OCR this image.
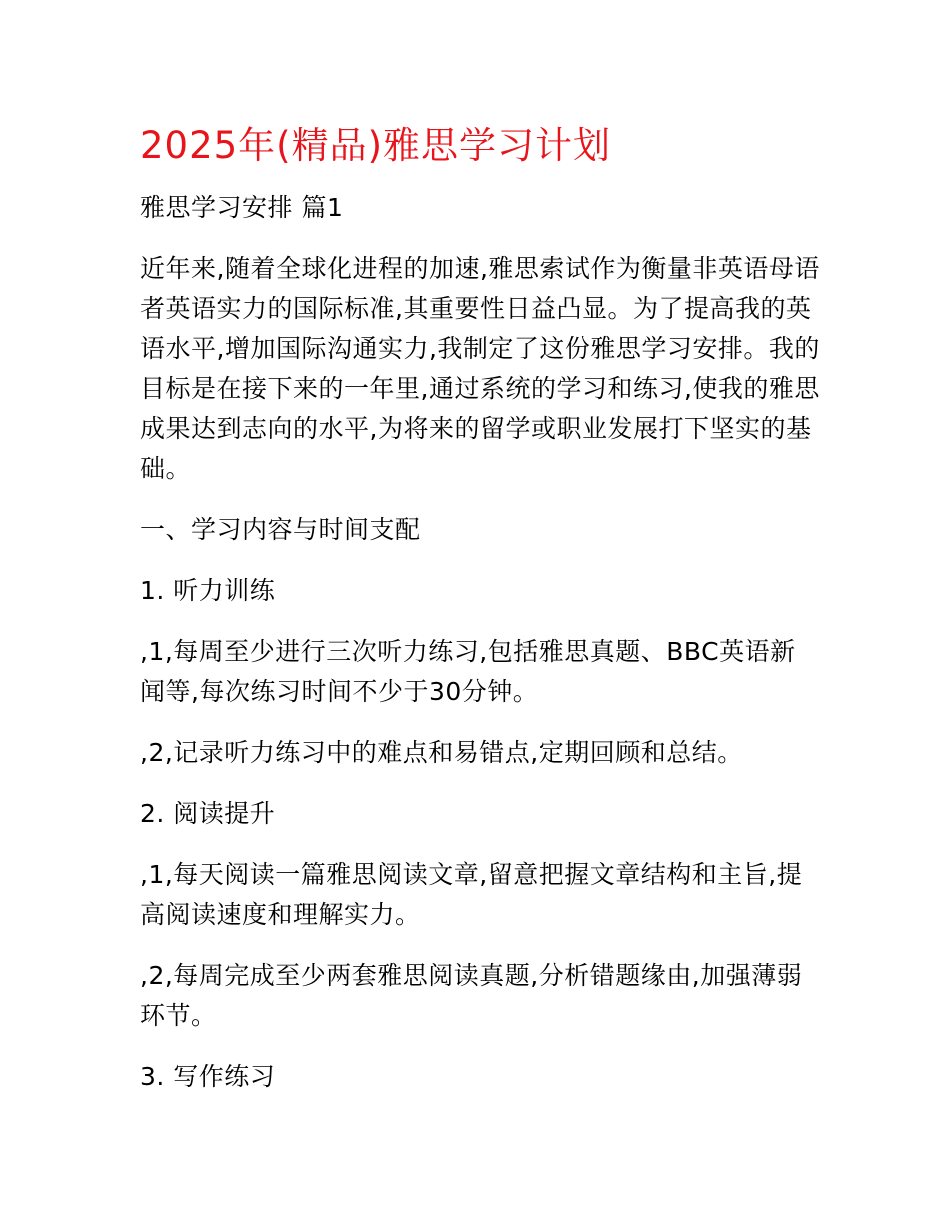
2025年(精品)雅思学习计划

雅思学习安排 篇1

近年来,随着全球化进程的加速,雅思索试作为衡量非英语母语者英语实力的国际标准,其重要性日益凸显。为了提高我的英语水平,增加国际沟通实力,我制定了这份雅思学习安排。我的目标是在接下来的一年里,通过系统的学习和练习,使我的雅思成果达到志向的水平,为将来的留学或职业发展打下坚实的基础。

一、学习内容与时间支配

1. 听力训练

,1,每周至少进行三次听力练习,包括雅思真题、BBC英语新闻等,每次练习时间不少于30分钟。

,2,记录听力练习中的难点和易错点,定期回顾和总结。

2. 阅读提升

,1,每天阅读一篇雅思阅读文章,留意把握文章结构和主旨,提高阅读速度和理解实力。

,2,每周完成至少两套雅思阅读真题,分析错题缘由,加强薄弱环节。

3. 写作练习
